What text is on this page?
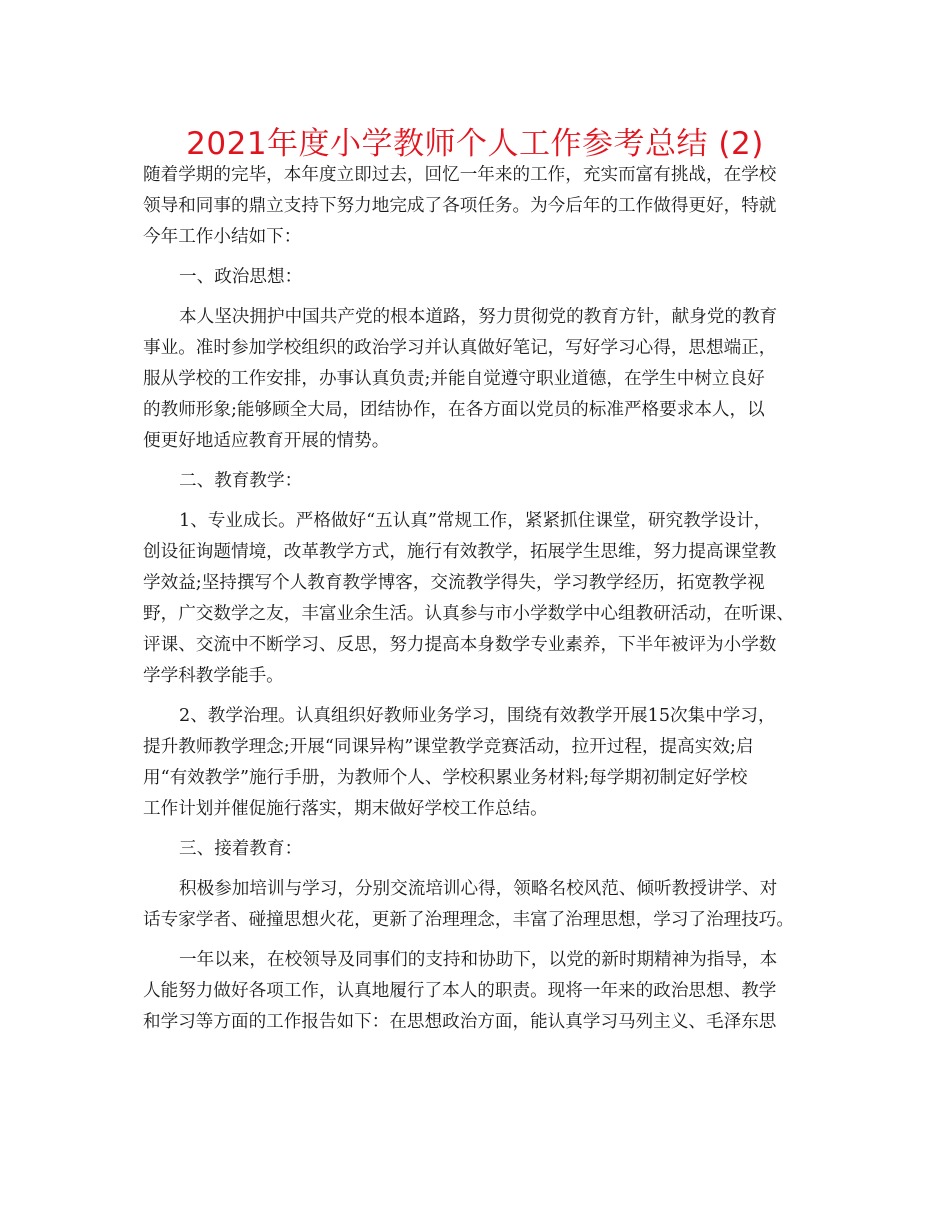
2021年度小学教师个人工作参考总结 (2)
随着学期的完毕，本年度立即过去，回忆一年来的工作，充实而富有挑战，在学校
领导和同事的鼎立支持下努力地完成了各项任务。为今后年的工作做得更好，特就
今年工作小结如下：
一、政治思想：
本人坚决拥护中国共产党的根本道路，努力贯彻党的教育方针，献身党的教育
事业。准时参加学校组织的政治学习并认真做好笔记，写好学习心得，思想端正，
服从学校的工作安排，办事认真负责;并能自觉遵守职业道德，在学生中树立良好
的教师形象;能够顾全大局，团结协作，在各方面以党员的标准严格要求本人，以
便更好地适应教育开展的情势。
二、教育教学：
1、专业成长。严格做好“五认真”常规工作，紧紧抓住课堂，研究教学设计，
创设征询题情境，改革教学方式，施行有效教学，拓展学生思维，努力提高课堂教
学效益;坚持撰写个人教育教学博客，交流教学得失，学习教学经历，拓宽教学视
野，广交数学之友，丰富业余生活。认真参与市小学数学中心组教研活动，在听课、
评课、交流中不断学习、反思，努力提高本身数学专业素养，下半年被评为小学数
学学科教学能手。
2、教学治理。认真组织好教师业务学习，围绕有效教学开展15次集中学习，
提升教师教学理念;开展“同课异构”课堂教学竞赛活动，拉开过程，提高实效;启
用“有效教学”施行手册，为教师个人、学校积累业务材料;每学期初制定好学校
工作计划并催促施行落实，期末做好学校工作总结。
三、接着教育：
积极参加培训与学习，分别交流培训心得，领略名校风范、倾听教授讲学、对
话专家学者、碰撞思想火花，更新了治理理念，丰富了治理思想，学习了治理技巧。
一年以来，在校领导及同事们的支持和协助下，以党的新时期精神为指导，本
人能努力做好各项工作，认真地履行了本人的职责。现将一年来的政治思想、教学
和学习等方面的工作报告如下：在思想政治方面，能认真学习马列主义、毛泽东思
